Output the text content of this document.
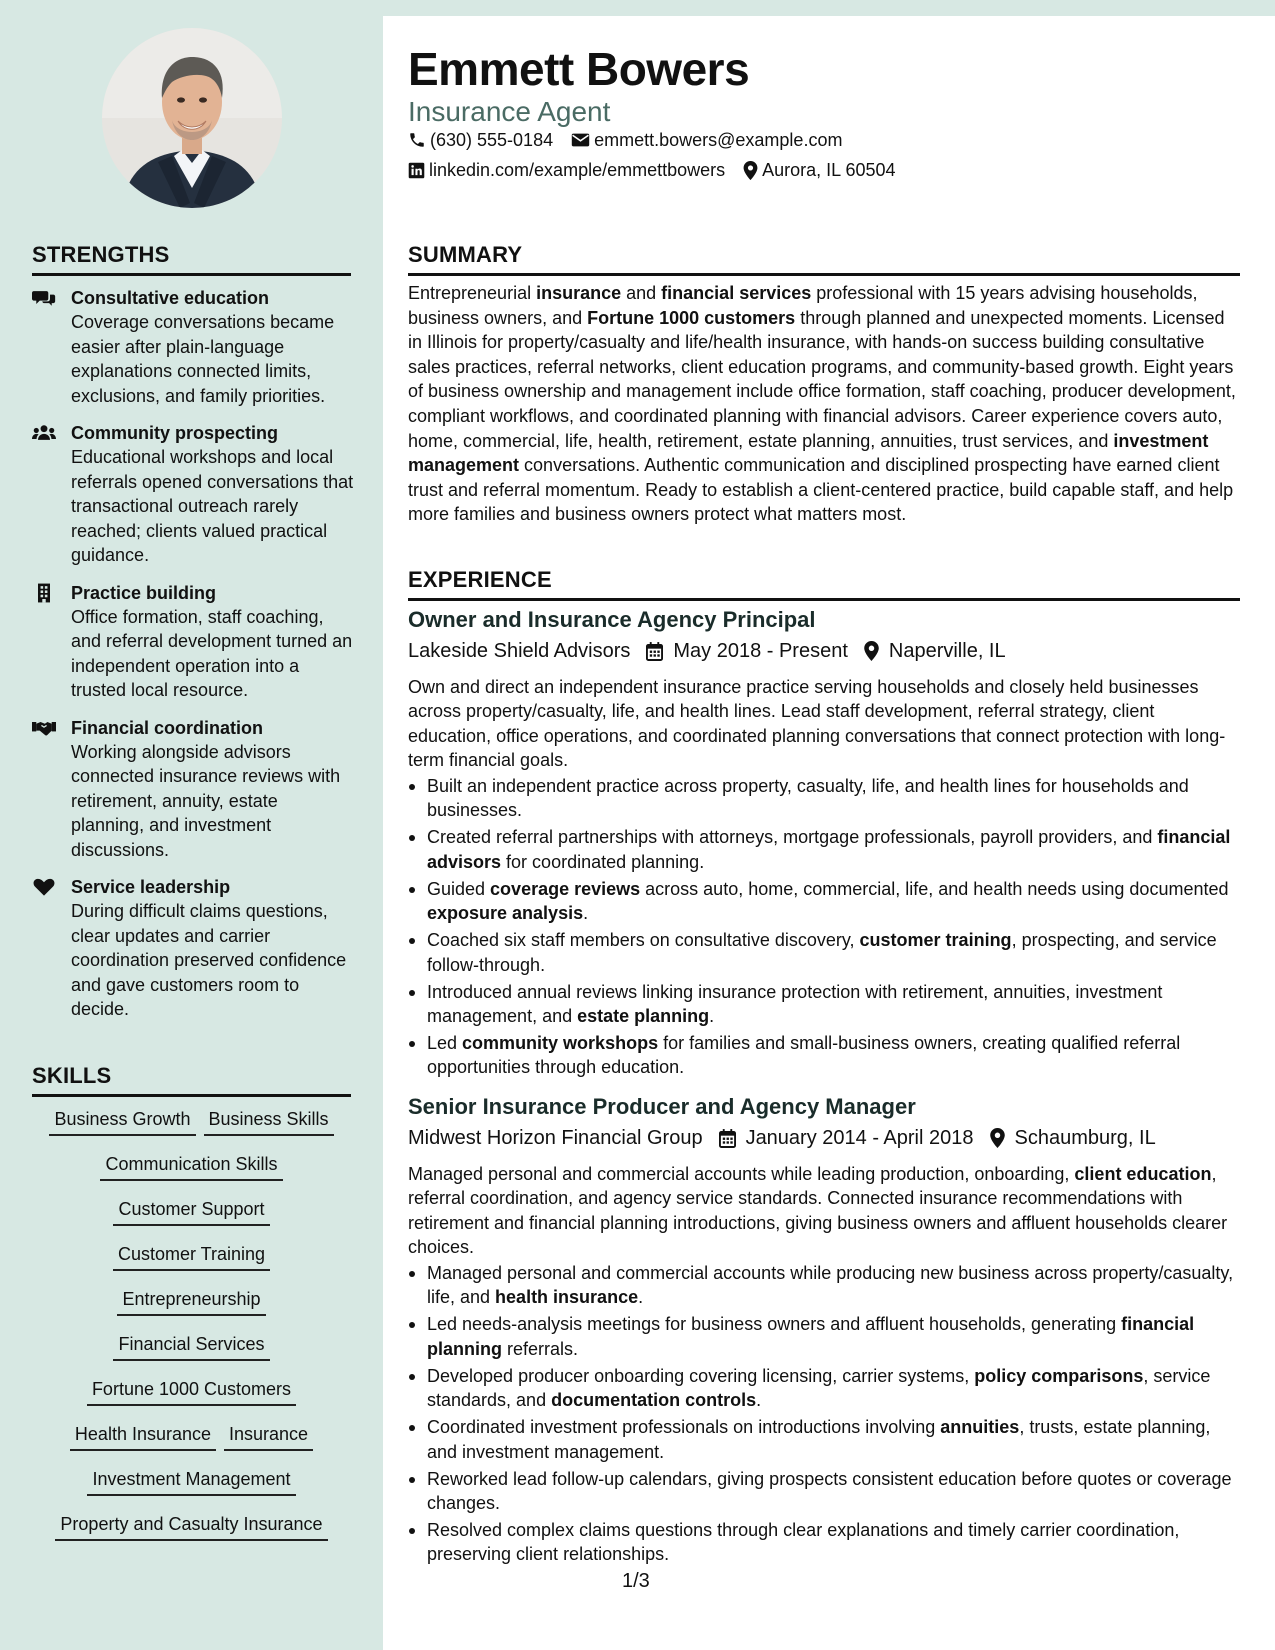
Emmett Bowers
Insurance Agent
(630) 555-0184 emmett.bowers@example.com
linkedin.com/example/emmettbowers Aurora, IL 60504
STRENGTHS
Consultative education
Coverage conversations became easier after plain-language explanations connected limits, exclusions, and family priorities.
Community prospecting
Educational workshops and local referrals opened conversations that transactional outreach rarely reached; clients valued practical guidance.
Practice building
Office formation, staff coaching, and referral development turned an independent operation into a trusted local resource.
Financial coordination
Working alongside advisors connected insurance reviews with retirement, annuity, estate planning, and investment discussions.
Service leadership
During difficult claims questions, clear updates and carrier coordination preserved confidence and gave customers room to decide.
SKILLS
Business Growth Business Skills
Communication Skills
Customer Support
Customer Training
Entrepreneurship
Financial Services
Fortune 1000 Customers
Health Insurance Insurance
Investment Management
Property and Casualty Insurance
SUMMARY

Entrepreneurial insurance and financial services professional with 15 years advising households, business owners, and Fortune 1000 customers through planned and unexpected moments. Licensed in Illinois for property/casualty and life/health insurance, with hands-on success building consultative sales practices, referral networks, client education programs, and community-based growth. Eight years of business ownership and management include office formation, staff coaching, producer development, compliant workflows, and coordinated planning with financial advisors. Career experience covers auto, home, commercial, life, health, retirement, estate planning, annuities, trust services, and investment management conversations. Authentic communication and disciplined prospecting have earned client trust and referral momentum. Ready to establish a client-centered practice, build capable staff, and help more families and business owners protect what matters most.

EXPERIENCE
Owner and Insurance Agency Principal
Lakeside Shield Advisors May 2018 - Present Naperville, IL

Own and direct an independent insurance practice serving households and closely held businesses across property/casualty, life, and health lines. Lead staff development, referral strategy, client education, office operations, and coordinated planning conversations that connect protection with long-term financial goals.

Built an independent practice across property, casualty, life, and health lines for households and businesses.
Created referral partnerships with attorneys, mortgage professionals, payroll providers, and financial advisors for coordinated planning.
Guided coverage reviews across auto, home, commercial, life, and health needs using documented exposure analysis.
Coached six staff members on consultative discovery, customer training, prospecting, and service follow-through.
Introduced annual reviews linking insurance protection with retirement, annuities, investment management, and estate planning.
Led community workshops for families and small-business owners, creating qualified referral opportunities through education.
Senior Insurance Producer and Agency Manager
Midwest Horizon Financial Group January 2014 - April 2018 Schaumburg, IL

Managed personal and commercial accounts while leading production, onboarding, client education, referral coordination, and agency service standards. Connected insurance recommendations with retirement and financial planning introductions, giving business owners and affluent households clearer choices.

Managed personal and commercial accounts while producing new business across property/casualty, life, and health insurance.
Led needs-analysis meetings for business owners and affluent households, generating financial planning referrals.
Developed producer onboarding covering licensing, carrier systems, policy comparisons, service standards, and documentation controls.
Coordinated investment professionals on introductions involving annuities, trusts, estate planning, and investment management.
Reworked lead follow-up calendars, giving prospects consistent education before quotes or coverage changes.
Resolved complex claims questions through clear explanations and timely carrier coordination, preserving client relationships.
1/3
